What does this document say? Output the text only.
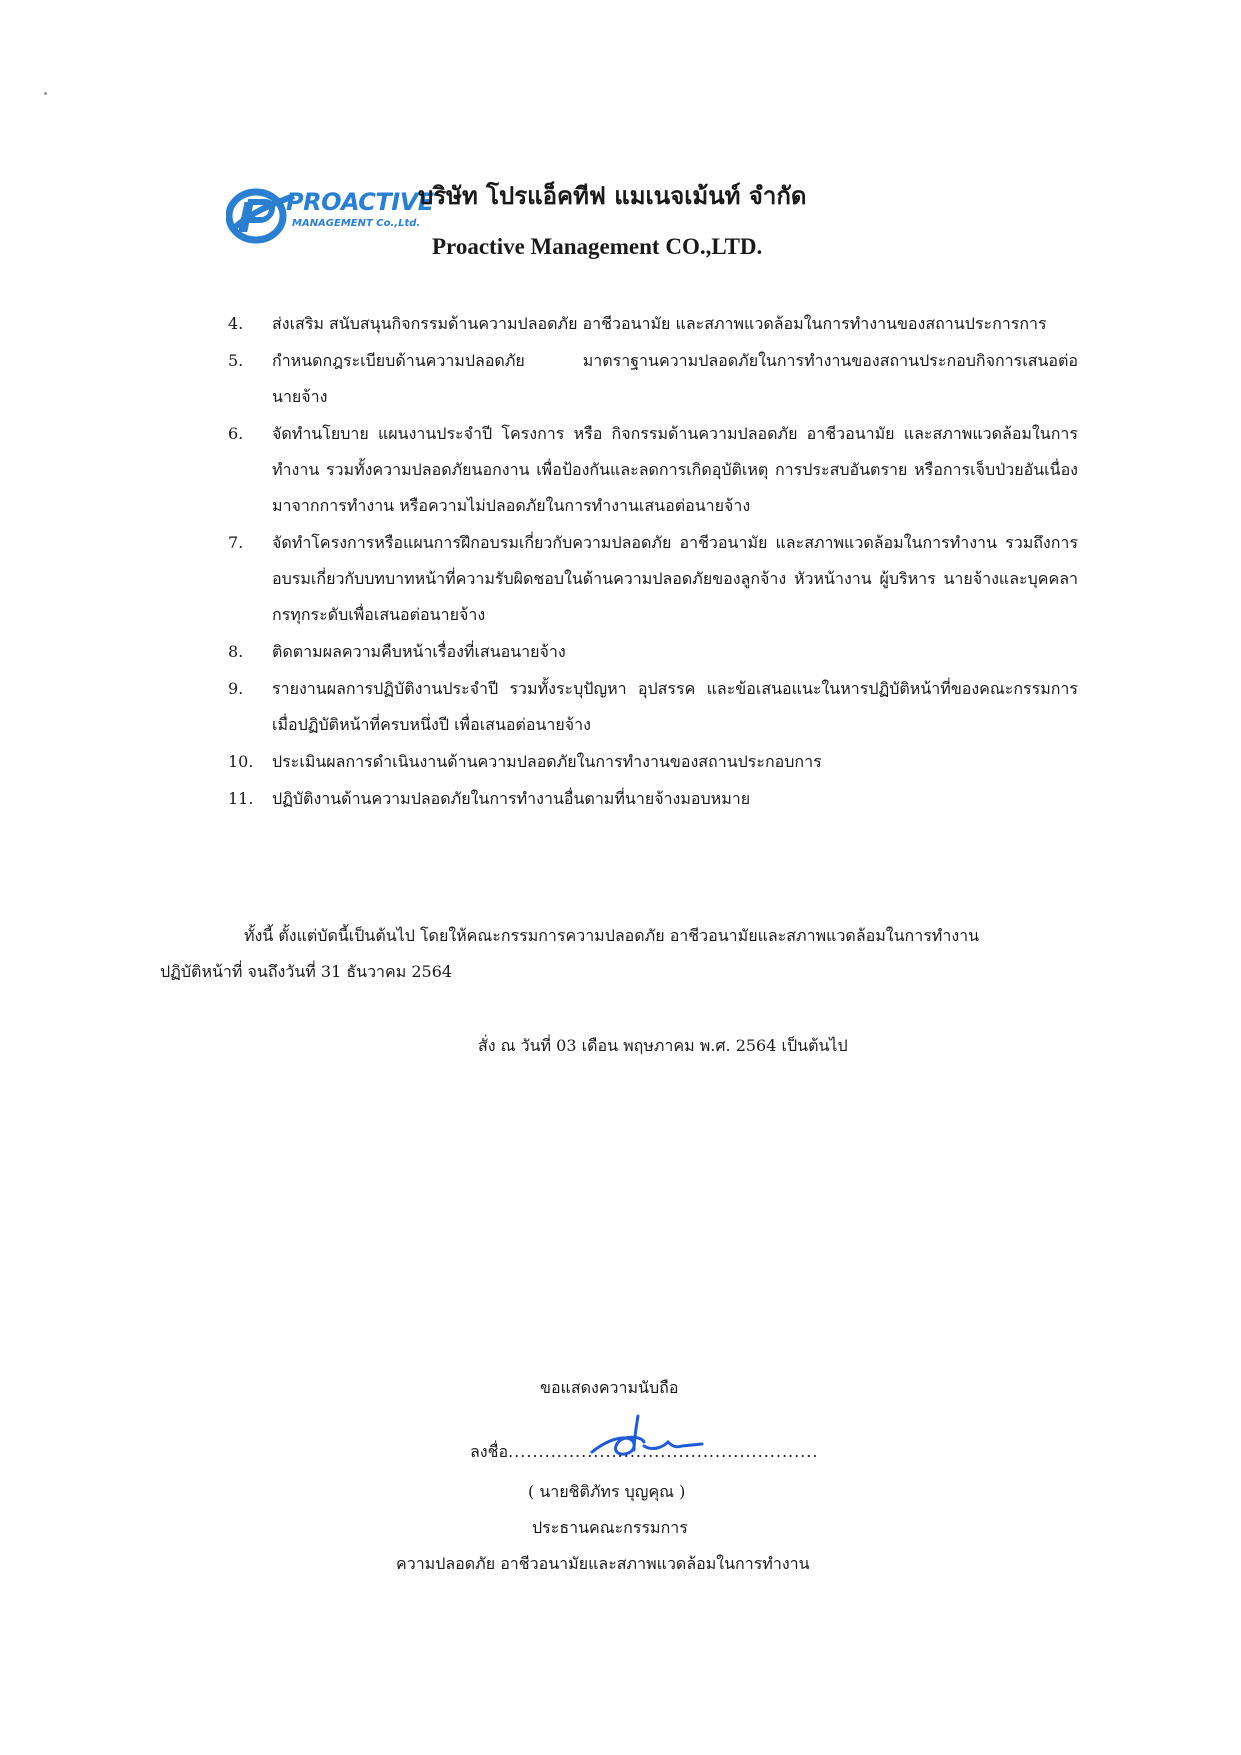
PROACTIVE
MANAGEMENT Co.,Ltd.
บริษัท โปรแอ็คทีฟ แมเนจเม้นท์ จำกัด
Proactive Management CO.,LTD.
4.	ส่งเสริม สนับสนุนกิจกรรมด้านความปลอดภัย อาชีวอนามัย และสภาพแวดล้อมในการทำงานของสถานประการการ
5.	กำหนดกฎระเบียบด้านความปลอดภัย มาตราฐานความปลอดภัยในการทำงานของสถานประกอบกิจการเสนอต่อนายจ้าง
6.	จัดทำนโยบาย แผนงานประจำปี โครงการ หรือ กิจกรรมด้านความปลอดภัย อาชีวอนามัย และสภาพแวดล้อมในการทำงาน รวมทั้งความปลอดภัยนอกงาน เพื่อป้องกันและลดการเกิดอุบัติเหตุ การประสบอันตราย หรือการเจ็บป่วยอันเนื่องมาจากการทำงาน หรือความไม่ปลอดภัยในการทำงานเสนอต่อนายจ้าง
7.	จัดทำโครงการหรือแผนการฝึกอบรมเกี่ยวกับความปลอดภัย อาชีวอนามัย และสภาพแวดล้อมในการทำงาน รวมถึงการอบรมเกี่ยวกับบทบาทหน้าที่ความรับผิดชอบในด้านความปลอดภัยของลูกจ้าง หัวหน้างาน ผู้บริหาร นายจ้างและบุคคลากรทุกระดับเพื่อเสนอต่อนายจ้าง
8.	ติดตามผลความคืบหน้าเรื่องที่เสนอนายจ้าง
9.	รายงานผลการปฏิบัติงานประจำปี รวมทั้งระบุปัญหา อุปสรรค และข้อเสนอแนะในหารปฏิบัติหน้าที่ของคณะกรรมการเมื่อปฏิบัติหน้าที่ครบหนึ่งปี เพื่อเสนอต่อนายจ้าง
10.	ประเมินผลการดำเนินงานด้านความปลอดภัยในการทำงานของสถานประกอบการ
11.	ปฏิบัติงานด้านความปลอดภัยในการทำงานอื่นตามที่นายจ้างมอบหมาย
ทั้งนี้ ตั้งแต่บัดนี้เป็นต้นไป โดยให้คณะกรรมการความปลอดภัย อาชีวอนามัยและสภาพแวดล้อมในการทำงาน
ปฏิบัติหน้าที่ จนถึงวันที่ 31 ธันวาคม 2564
สั่ง ณ วันที่ 03 เดือน พฤษภาคม พ.ศ. 2564 เป็นต้นไป
ขอแสดงความนับถือ
ลงชื่อ...................................................
( นายชิติภัทร บุญคุณ )
ประธานคณะกรรมการ
ความปลอดภัย อาชีวอนามัยและสภาพแวดล้อมในการทำงาน
